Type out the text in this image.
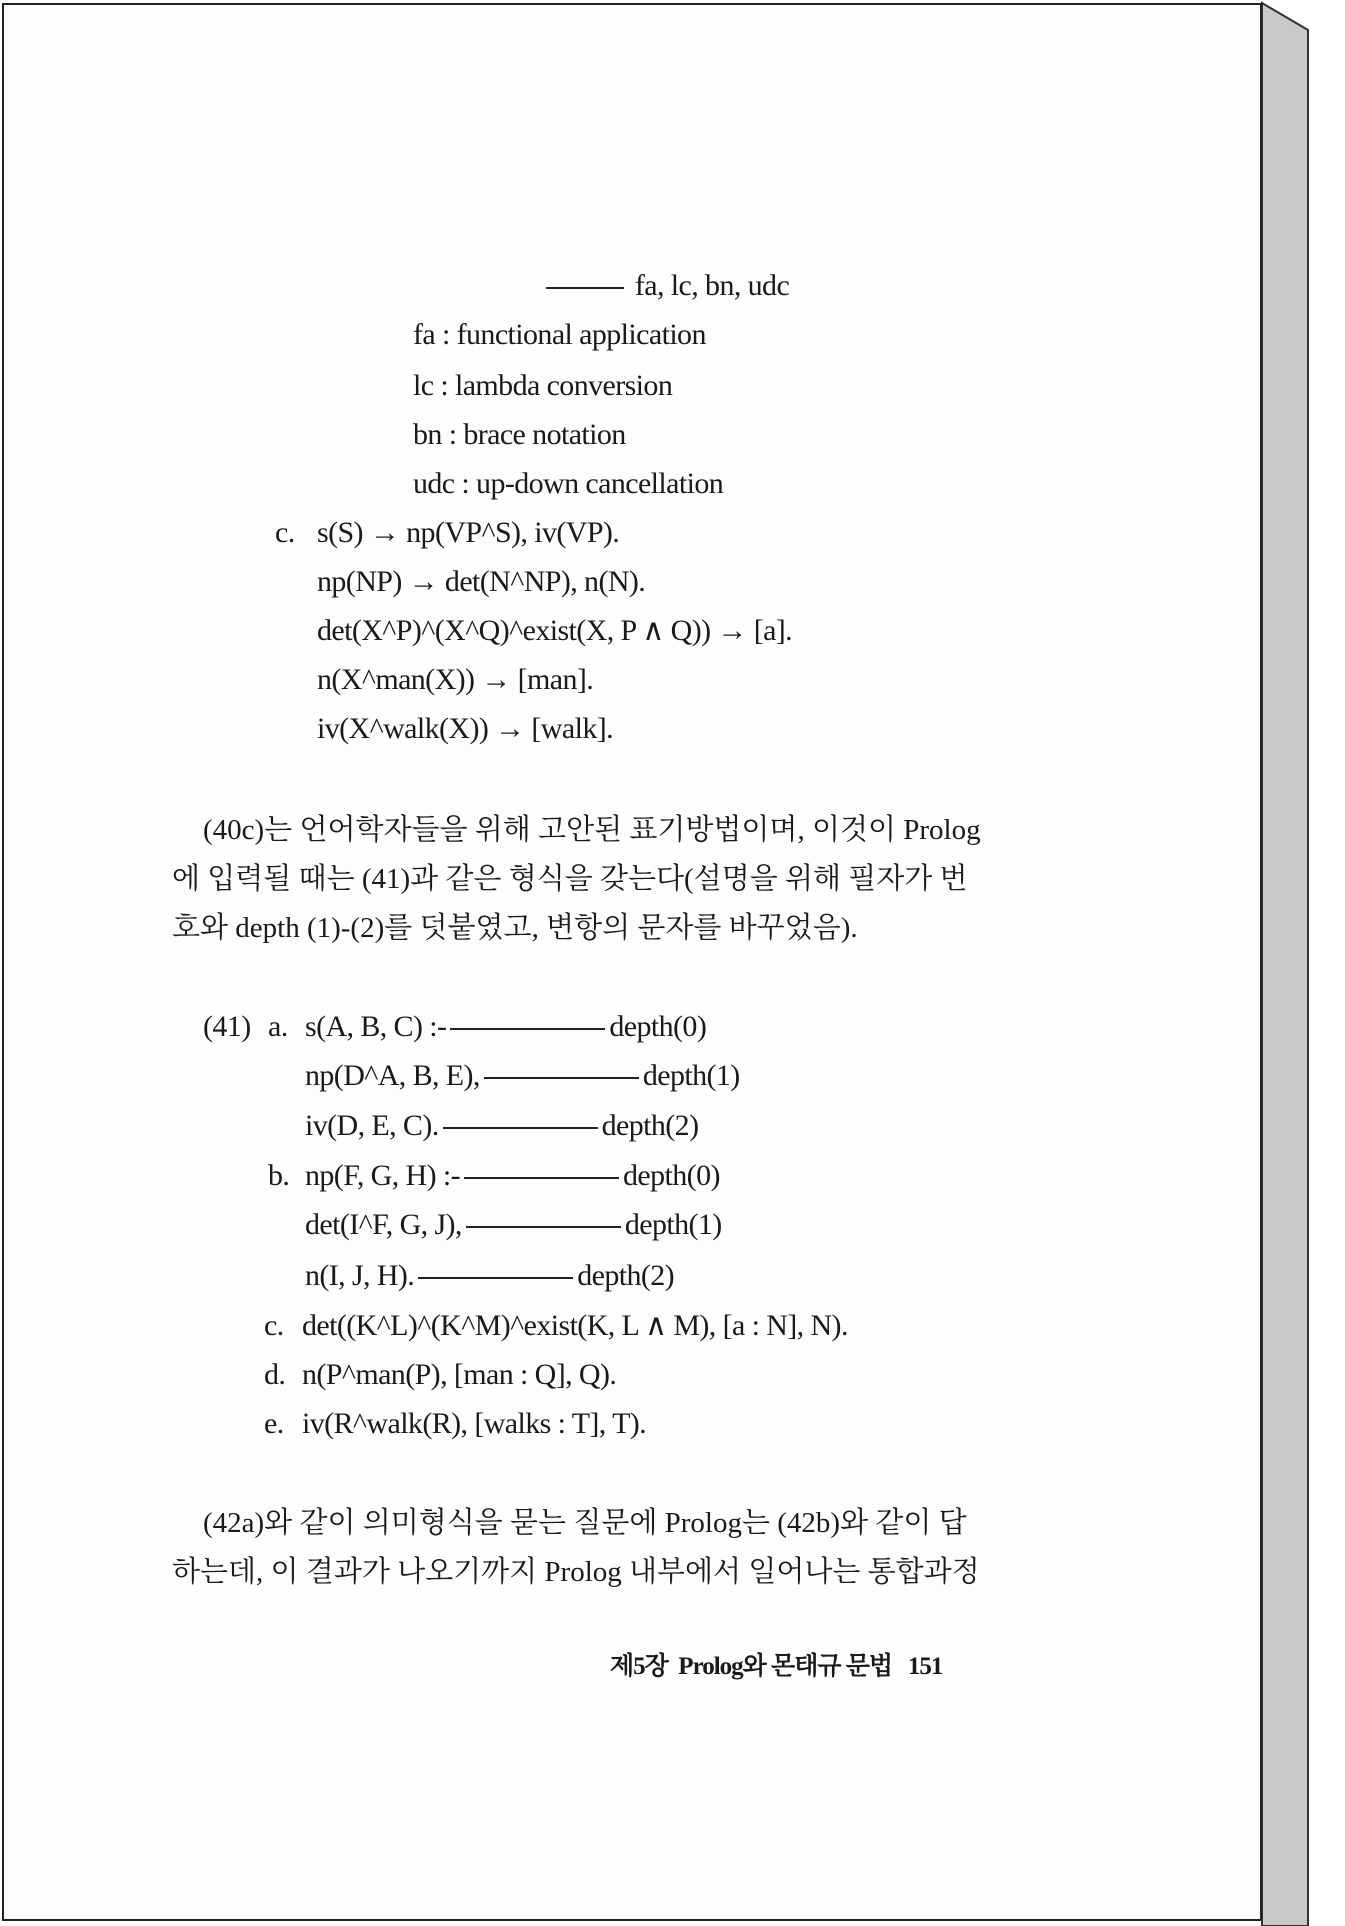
fa, lc, bn, udc
fa : functional application
lc : lambda conversion
bn : brace notation
udc : up-down cancellation
c. s(S) → np(VP^S), iv(VP).
np(NP) → det(N^NP), n(N).
det(X^P)^(X^Q)^exist(X, P ∧ Q)) → [a].
n(X^man(X)) → [man].
iv(X^walk(X)) → [walk].
(40c)는 언어학자들을 위해 고안된 표기방법이며, 이것이 Prolog
에 입력될 때는 (41)과 같은 형식을 갖는다(설명을 위해 필자가 번
호와 depth (1)-(2)를 덧붙였고, 변항의 문자를 바꾸었음).
(41) a. s(A, B, C) :-	depth(0)
np(D^A, B, E),	depth(1)
iv(D, E, C).	depth(2)
b. np(F, G, H) :-	depth(0)
det(I^F, G, J),	depth(1)
n(I, J, H).	depth(2)
c. det((K^L)^(K^M)^exist(K, L ∧ M), [a : N], N).
d. n(P^man(P), [man : Q], Q).
e. iv(R^walk(R), [walks : T], T).
(42a)와 같이 의미형식을 묻는 질문에 Prolog는 (42b)와 같이 답
하는데, 이 결과가 나오기까지 Prolog 내부에서 일어나는 통합과정
제5장  Prolog와 몬태규 문법 151
